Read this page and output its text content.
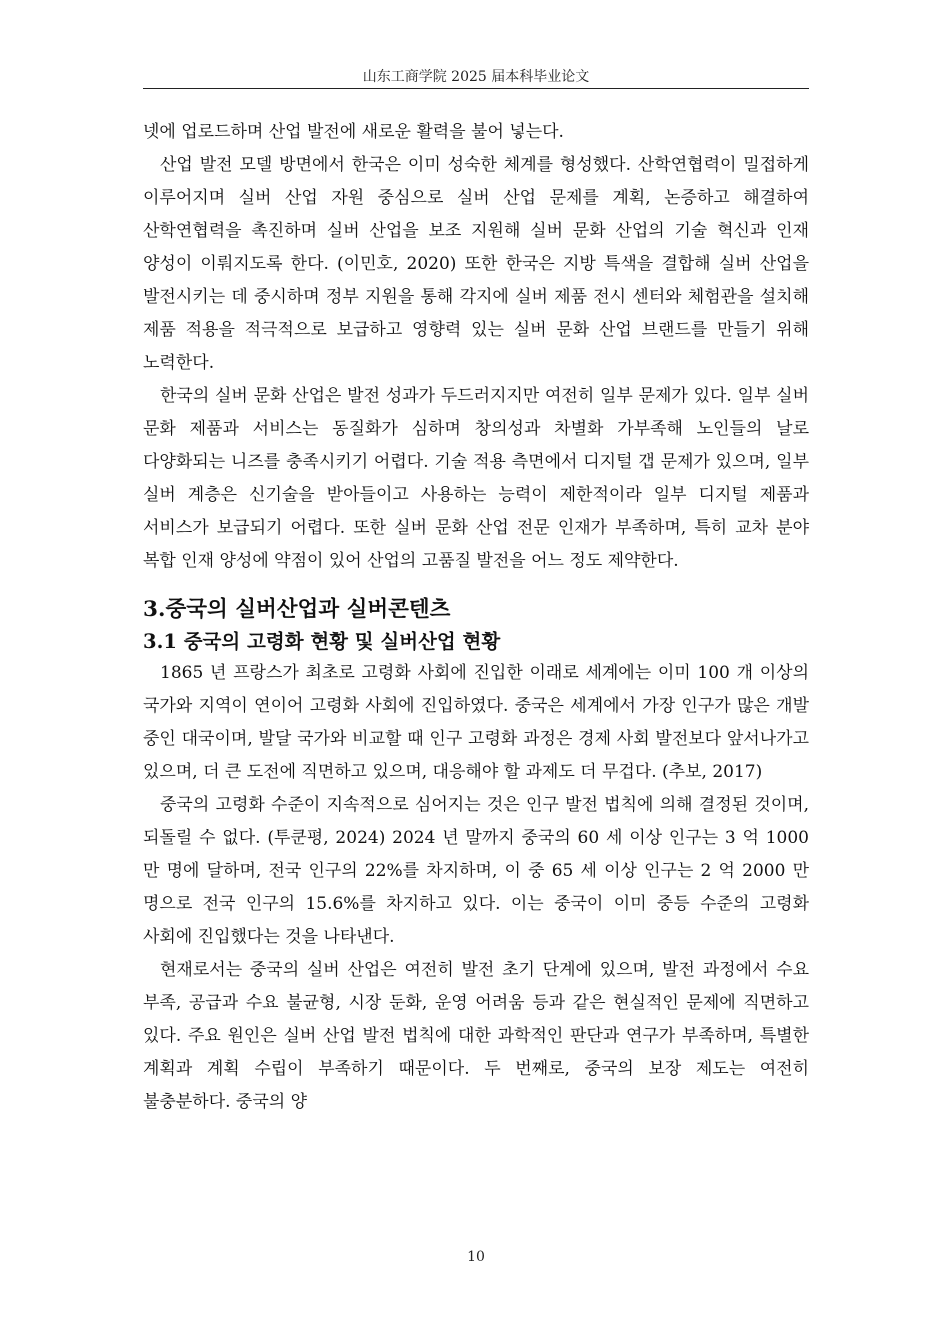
山东工商学院 2025 届本科毕业论文

넷에 업로드하며 산업 발전에 새로운 활력을 불어 넣는다.

산업 발전 모델 방면에서 한국은 이미 성숙한 체계를 형성했다. 산학연협력이 밀접하게 이루어지며 실버 산업 자원 중심으로 실버 산업 문제를 계획, 논증하고 해결하여 산학연협력을 촉진하며 실버 산업을 보조 지원해 실버 문화 산업의 기술 혁신과 인재 양성이 이뤄지도록 한다. (이민호, 2020) 또한 한국은 지방 특색을 결합해 실버 산업을 발전시키는 데 중시하며 정부 지원을 통해 각지에 실버 제품 전시 센터와 체험관을 설치해 제품 적용을 적극적으로 보급하고 영향력 있는 실버 문화 산업 브랜드를 만들기 위해 노력한다.

한국의 실버 문화 산업은 발전 성과가 두드러지지만 여전히 일부 문제가 있다. 일부 실버 문화 제품과 서비스는 동질화가 심하며 창의성과 차별화 가부족해 노인들의 날로 다양화되는 니즈를 충족시키기 어렵다. 기술 적용 측면에서 디지털 갭 문제가 있으며, 일부 실버 계층은 신기술을 받아들이고 사용하는 능력이 제한적이라 일부 디지털 제품과 서비스가 보급되기 어렵다. 또한 실버 문화 산업 전문 인재가 부족하며, 특히 교차 분야 복합 인재 양성에 약점이 있어 산업의 고품질 발전을 어느 정도 제약한다.

3.중국의 실버산업과 실버콘텐츠
3.1 중국의 고령화 현황 및 실버산업 현황

1865 년 프랑스가 최초로 고령화 사회에 진입한 이래로 세계에는 이미 100 개 이상의 국가와 지역이 연이어 고령화 사회에 진입하였다. 중국은 세계에서 가장 인구가 많은 개발 중인 대국이며, 발달 국가와 비교할 때 인구 고령화 과정은 경제 사회 발전보다 앞서나가고 있으며, 더 큰 도전에 직면하고 있으며, 대응해야 할 과제도 더 무겁다. (추보, 2017)

중국의 고령화 수준이 지속적으로 심어지는 것은 인구 발전 법칙에 의해 결정된 것이며, 되돌릴 수 없다. (투쿤평, 2024) 2024 년 말까지 중국의 60 세 이상 인구는 3 억 1000 만 명에 달하며, 전국 인구의 22%를 차지하며, 이 중 65 세 이상 인구는 2 억 2000 만 명으로 전국 인구의 15.6%를 차지하고 있다. 이는 중국이 이미 중등 수준의 고령화 사회에 진입했다는 것을 나타낸다.

현재로서는 중국의 실버 산업은 여전히 발전 초기 단계에 있으며, 발전 과정에서 수요 부족, 공급과 수요 불균형, 시장 둔화, 운영 어려움 등과 같은 현실적인 문제에 직면하고 있다. 주요 원인은 실버 산업 발전 법칙에 대한 과학적인 판단과 연구가 부족하며, 특별한 계획과 계획 수립이 부족하기 때문이다. 두 번째로, 중국의 보장 제도는 여전히 불충분하다. 중국의 양

10
